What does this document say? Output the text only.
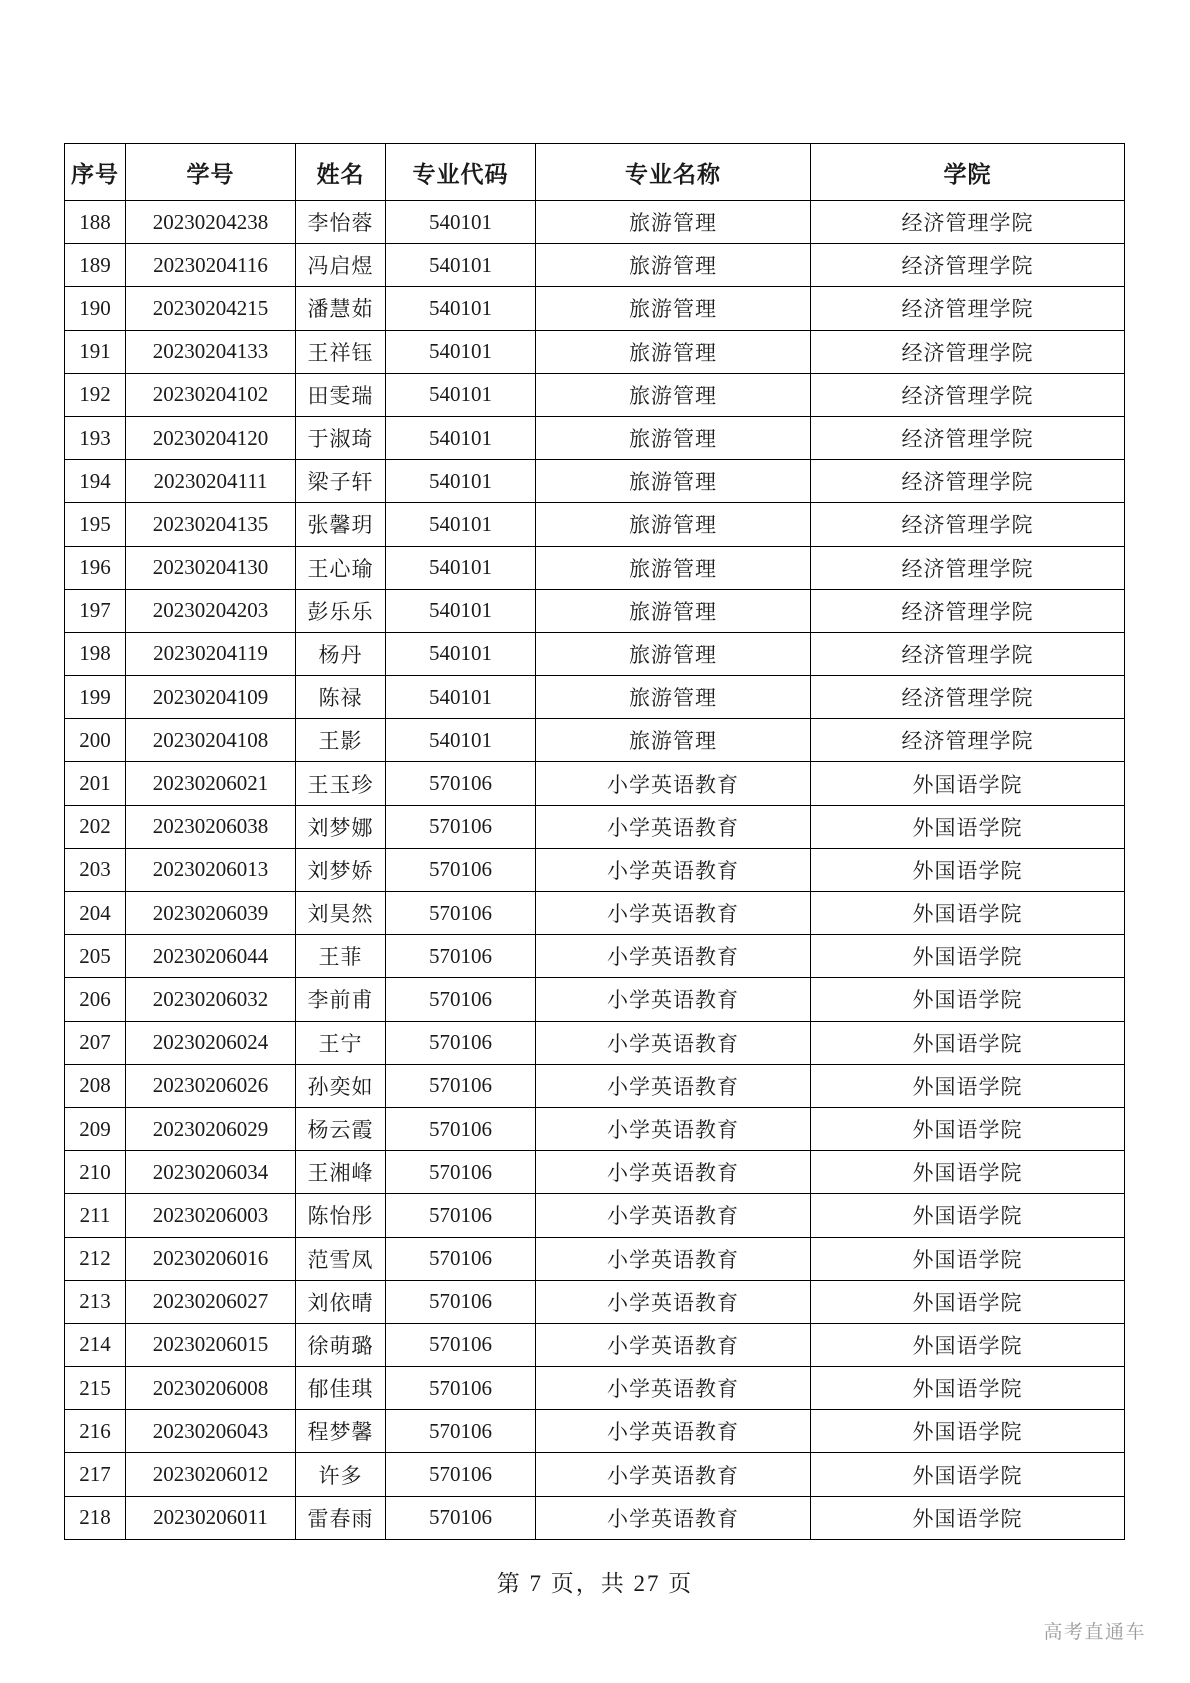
序号	学号	姓名	专业代码	专业名称	学院
188	20230204238	李怡蓉	540101	旅游管理	经济管理学院
189	20230204116	冯启煜	540101	旅游管理	经济管理学院
190	20230204215	潘慧茹	540101	旅游管理	经济管理学院
191	20230204133	王祥钰	540101	旅游管理	经济管理学院
192	20230204102	田雯瑞	540101	旅游管理	经济管理学院
193	20230204120	于淑琦	540101	旅游管理	经济管理学院
194	20230204111	梁子轩	540101	旅游管理	经济管理学院
195	20230204135	张馨玥	540101	旅游管理	经济管理学院
196	20230204130	王心瑜	540101	旅游管理	经济管理学院
197	20230204203	彭乐乐	540101	旅游管理	经济管理学院
198	20230204119	杨丹	540101	旅游管理	经济管理学院
199	20230204109	陈禄	540101	旅游管理	经济管理学院
200	20230204108	王影	540101	旅游管理	经济管理学院
201	20230206021	王玉珍	570106	小学英语教育	外国语学院
202	20230206038	刘梦娜	570106	小学英语教育	外国语学院
203	20230206013	刘梦娇	570106	小学英语教育	外国语学院
204	20230206039	刘昊然	570106	小学英语教育	外国语学院
205	20230206044	王菲	570106	小学英语教育	外国语学院
206	20230206032	李前甫	570106	小学英语教育	外国语学院
207	20230206024	王宁	570106	小学英语教育	外国语学院
208	20230206026	孙奕如	570106	小学英语教育	外国语学院
209	20230206029	杨云霞	570106	小学英语教育	外国语学院
210	20230206034	王湘峰	570106	小学英语教育	外国语学院
211	20230206003	陈怡彤	570106	小学英语教育	外国语学院
212	20230206016	范雪凤	570106	小学英语教育	外国语学院
213	20230206027	刘依晴	570106	小学英语教育	外国语学院
214	20230206015	徐萌璐	570106	小学英语教育	外国语学院
215	20230206008	郁佳琪	570106	小学英语教育	外国语学院
216	20230206043	程梦馨	570106	小学英语教育	外国语学院
217	20230206012	许多	570106	小学英语教育	外国语学院
218	20230206011	雷春雨	570106	小学英语教育	外国语学院
第 7 页，共 27 页
高考直通车
